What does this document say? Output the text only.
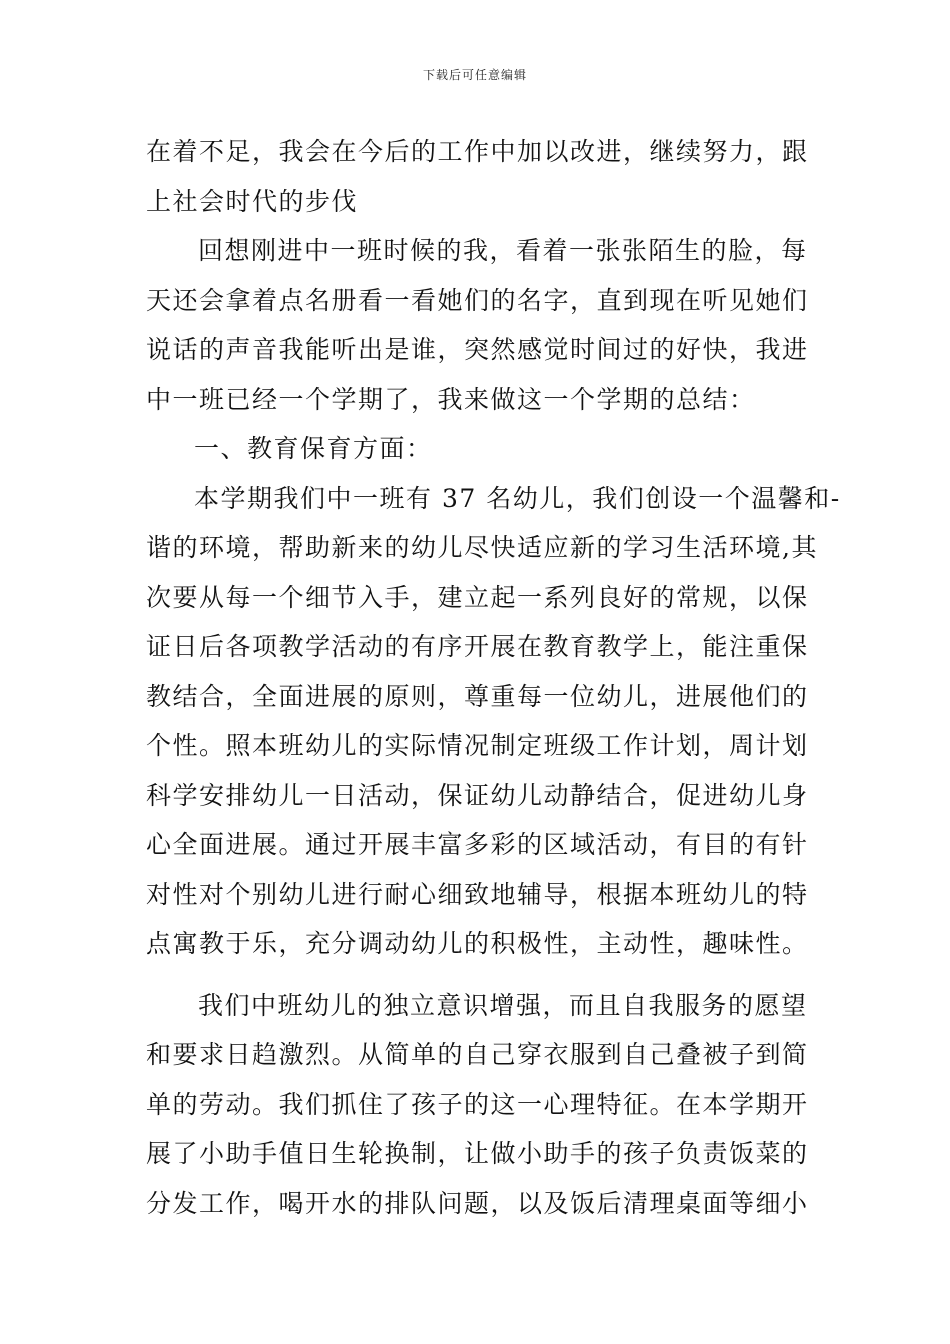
下载后可任意编辑
在着不足，我会在今后的工作中加以改进，继续努力，跟
上社会时代的步伐
回想刚进中一班时候的我，看着一张张陌生的脸，每
天还会拿着点名册看一看她们的名字，直到现在听见她们
说话的声音我能听出是谁，突然感觉时间过的好快，我进
中一班已经一个学期了，我来做这一个学期的总结：
一、教育保育方面：
本学期我们中一班有 37 名幼儿，我们创设一个温馨和-
谐的环境，帮助新来的幼儿尽快适应新的学习生活环境,其
次要从每一个细节入手，建立起一系列良好的常规，以保
证日后各项教学活动的有序开展在教育教学上，能注重保
教结合，全面进展的原则，尊重每一位幼儿，进展他们的
个性。照本班幼儿的实际情况制定班级工作计划，周计划
科学安排幼儿一日活动，保证幼儿动静结合，促进幼儿身
心全面进展。通过开展丰富多彩的区域活动，有目的有针
对性对个别幼儿进行耐心细致地辅导，根据本班幼儿的特
点寓教于乐，充分调动幼儿的积极性，主动性，趣味性。
我们中班幼儿的独立意识增强，而且自我服务的愿望
和要求日趋激烈。从简单的自己穿衣服到自己叠被子到简
单的劳动。我们抓住了孩子的这一心理特征。在本学期开
展了小助手值日生轮换制，让做小助手的孩子负责饭菜的
分发工作，喝开水的排队问题，以及饭后清理桌面等细小
